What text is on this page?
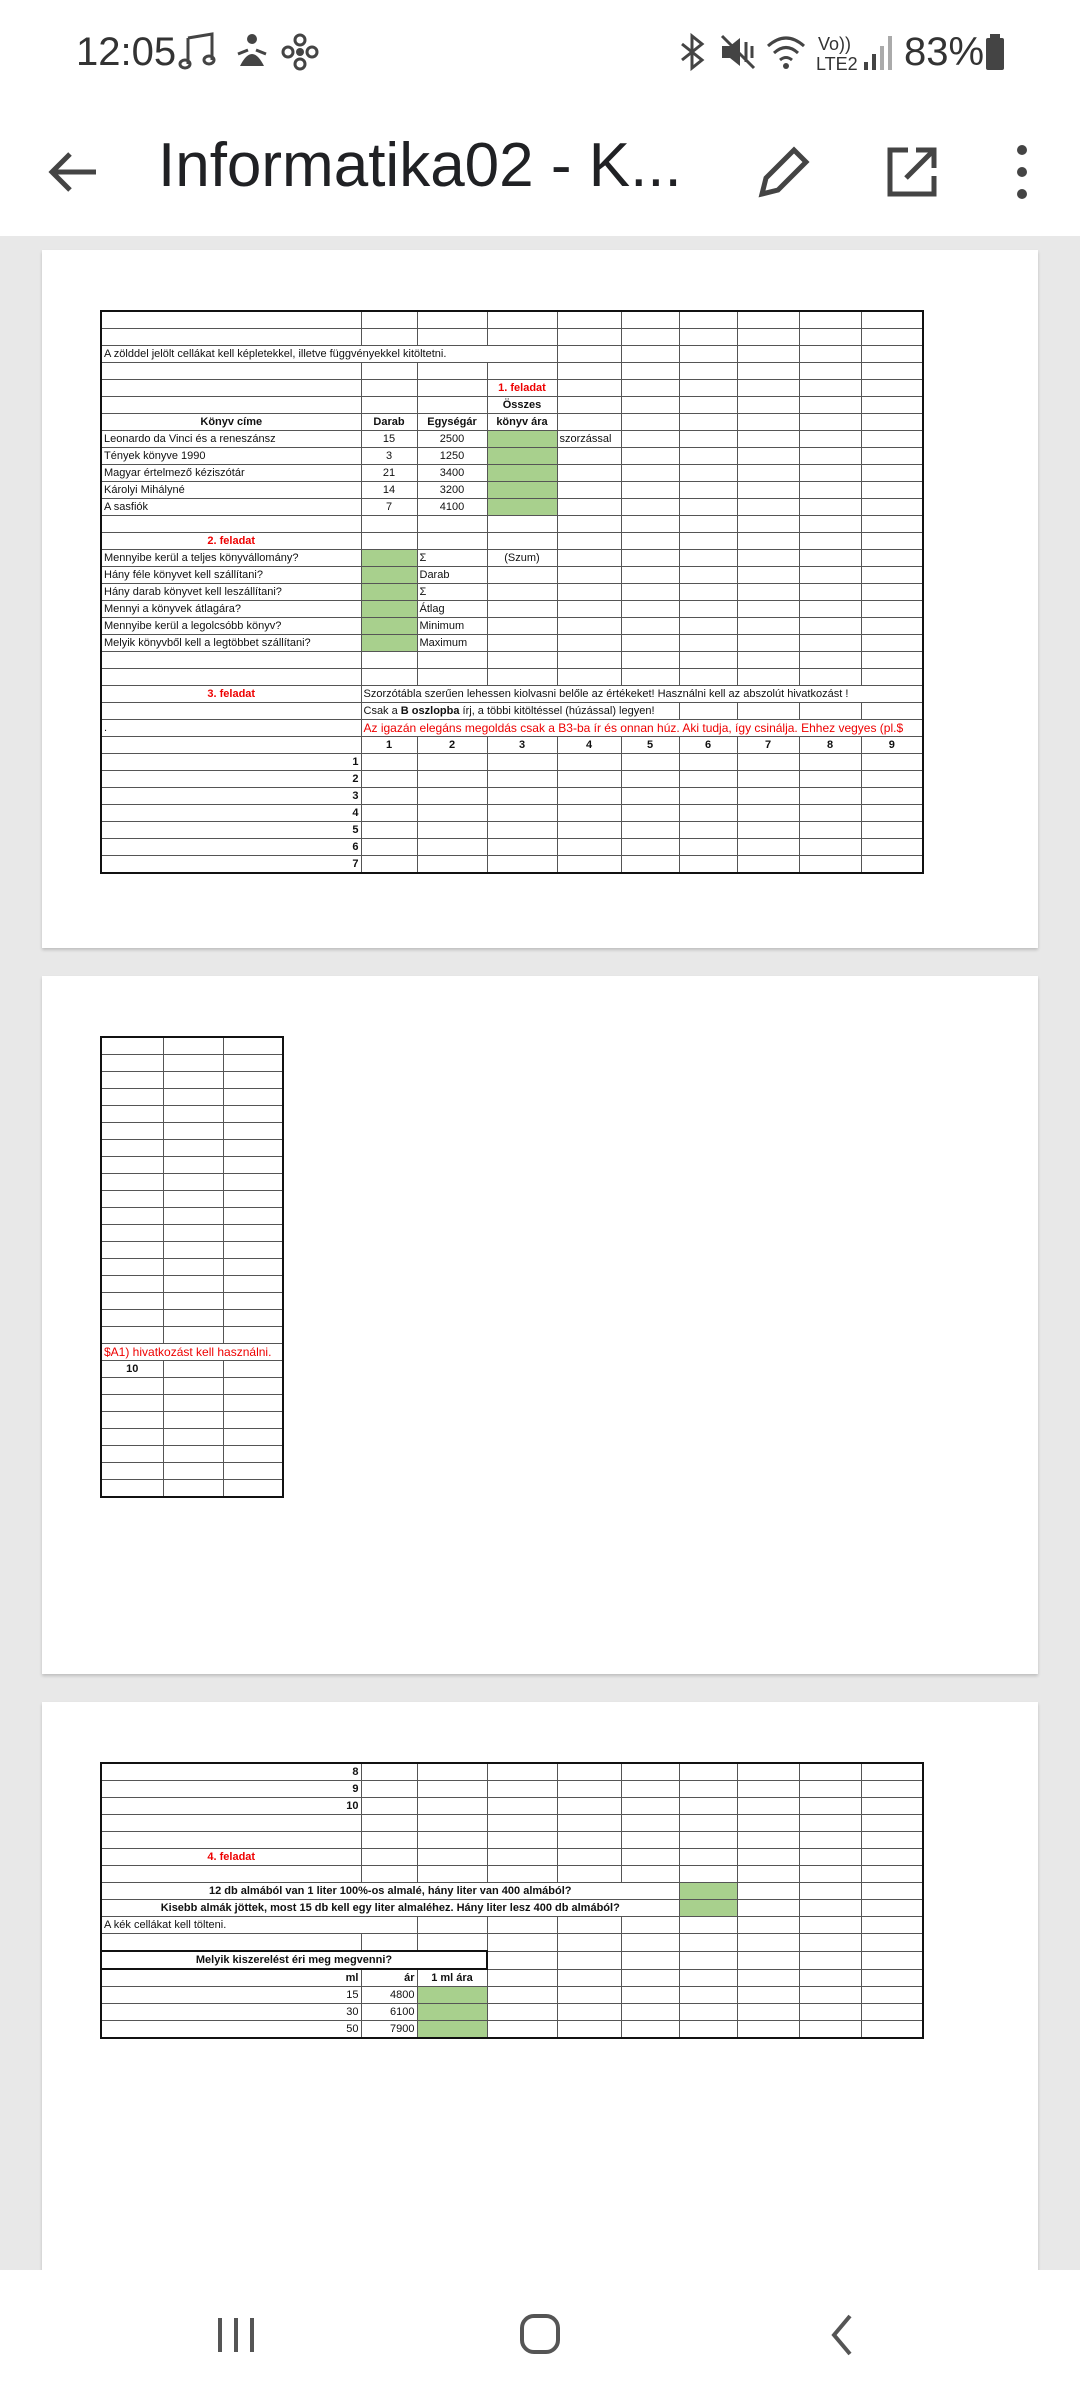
12:05	Vo))
LTE2 83%
Informatika02 - K...

A zölddel jelölt cellákat kell képletekkel, illetve függvényekkel kitöltetni.									

			1. feladat						
			Összes						
Könyv címe	Darab	Egységár	könyv ára						
Leonardo da Vinci és a reneszánsz	15	2500		szorzással					
Tények könyve 1990	3	1250							
Magyar értelmező kéziszótár	21	3400							
Károlyi Mihályné	14	3200							
A sasfiók	7	4100							

2. feladat									
Mennyibe kerül a teljes könyvállomány?		Σ	(Szum)						
Hány féle könyvet kell szállítani?		Darab							
Hány darab könyvet kell leszállítani?		Σ							
Mennyi a könyvek átlagára?		Átlag							
Mennyibe kerül a legolcsóbb könyv?		Minimum							
Melyik könyvből kell a legtöbbet szállítani?		Maximum							

3. feladat	Szorzótábla szerűen lehessen kiolvasni belőle az értékeket! Használni kell az abszolút hivatkozást !								
	Csak a B oszlopba írj, a többi kitöltéssel (húzással) legyen!								
.	Az igazán elegáns megoldás csak a B3-ba ír és onnan húz. Aki tudja, így csinálja. Ehhez vegyes (pl.$								
	1	2	3	4	5	6	7	8	9
1									
2									
3									
4									
5									
6									
7									

$A1) hivatkozást kell használni.		
10		

8									
9									
10									

4. feladat									

12 db almából van 1 liter 100%-os almalé, hány liter van 400 almából?									
Kisebb almák jöttek, most 15 db kell egy liter almaléhez. Hány liter lesz 400 db almából?									
A kék cellákat kell tölteni.									

Melyik kiszerelést éri meg megvenni?									
ml	ár	1 ml ára							
15	4800								
30	6100								
50	7900								
